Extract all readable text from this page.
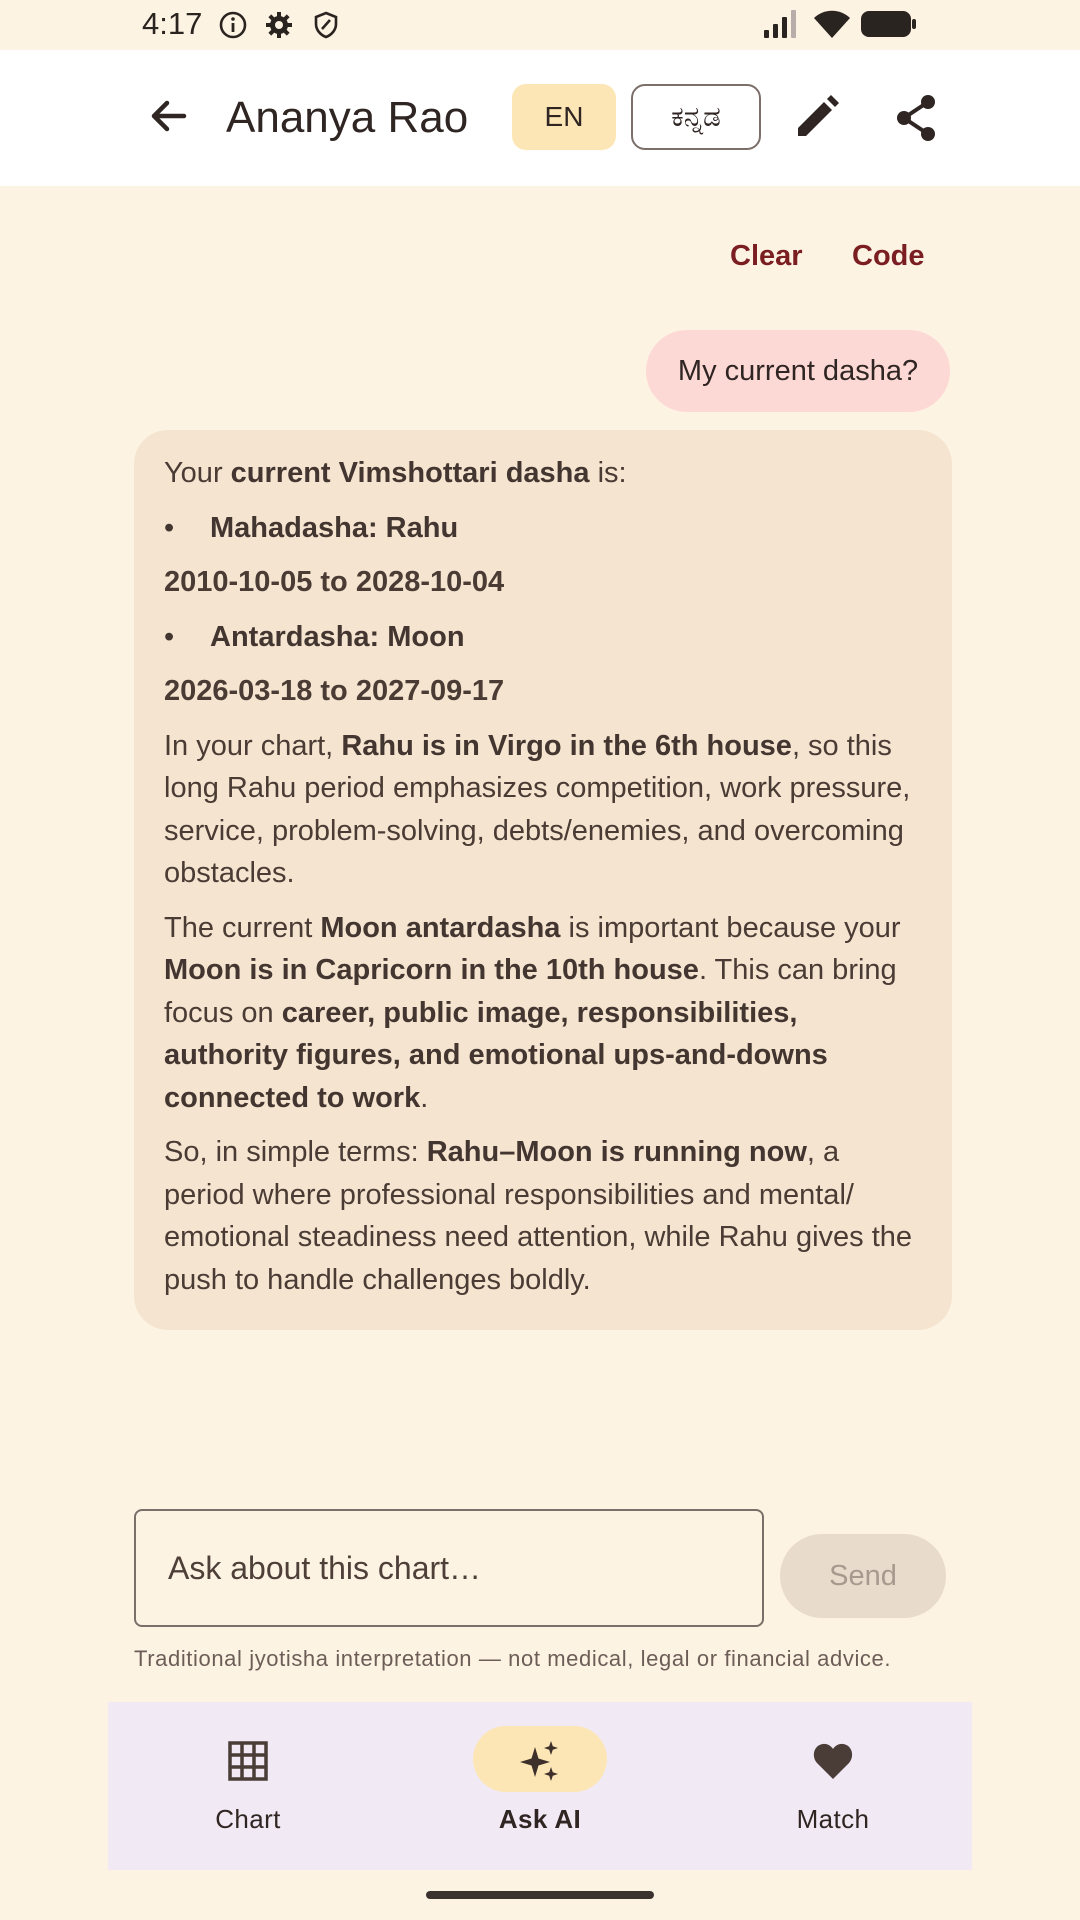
4:17
Ananya Rao	EN	ಕನ್ನಡ
Clear Code
My current dasha?

Your current Vimshottari dasha is:

•	Mahadasha: Rahu

2010-10-05 to 2028-10-04

•	Antardasha: Moon

2026-03-18 to 2027-09-17

In your chart, Rahu is in Virgo in the 6th house, so this long Rahu period emphasizes competition, work pressure, service, problem-solving, debts/enemies, and overcoming obstacles.

The current Moon antardasha is important because your Moon is in Capricorn in the 10th house. This can bring focus on career, public image, responsibilities, authority figures, and emotional ups-and-downs connected to work.

So, in simple terms: Rahu–Moon is running now, a period where professional responsibilities and mental/ emotional steadiness need attention, while Rahu gives the push to handle challenges boldly.

Ask about this chart…
Send
Traditional jyotisha interpretation — not medical, legal or financial advice.
Chart	Ask AI	Match
